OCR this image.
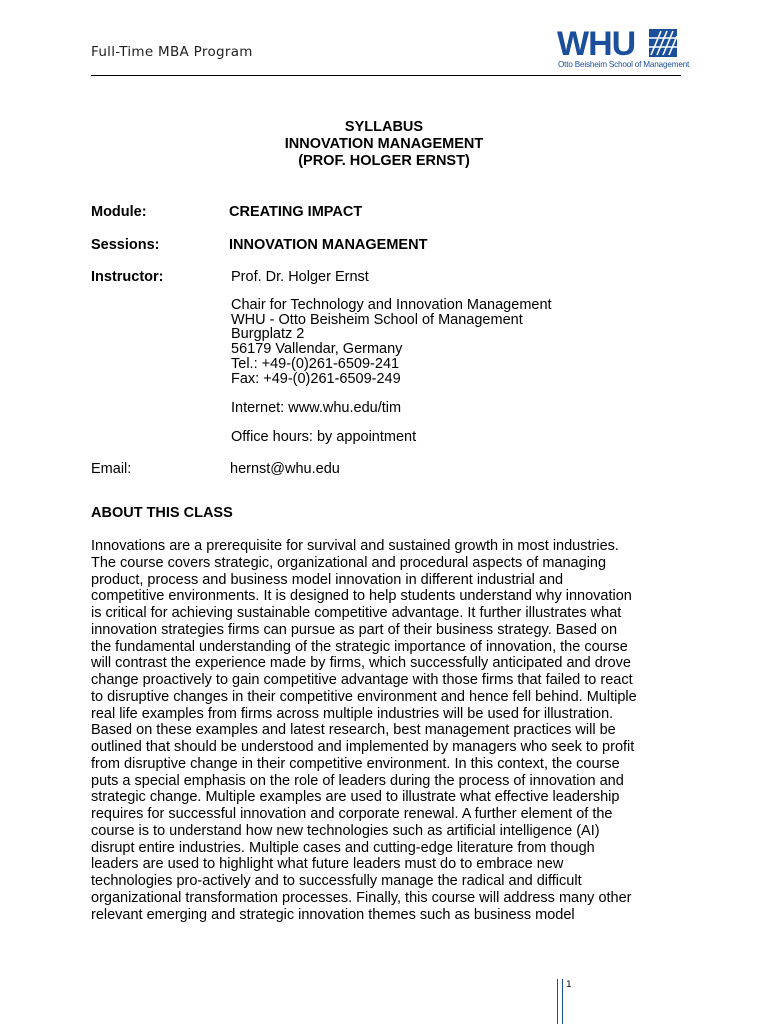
Full-Time MBA Program	WHU
Otto Beisheim School of Management
SYLLABUS
INNOVATION MANAGEMENT
(PROF. HOLGER ERNST)
Module:	CREATING IMPACT
Sessions:	INNOVATION MANAGEMENT
Instructor:	Prof. Dr. Holger Ernst
Chair for Technology and Innovation Management
WHU - Otto Beisheim School of Management
Burgplatz 2
56179 Vallendar, Germany
Tel.: +49-(0)261-6509-241
Fax: +49-(0)261-6509-249
Internet: www.whu.edu/tim
Office hours: by appointment
Email:	hernst@whu.edu
ABOUT THIS CLASS
Innovations are a prerequisite for survival and sustained growth in most industries.
The course covers strategic, organizational and procedural aspects of managing
product, process and business model innovation in different industrial and
competitive environments. It is designed to help students understand why innovation
is critical for achieving sustainable competitive advantage. It further illustrates what
innovation strategies firms can pursue as part of their business strategy. Based on
the fundamental understanding of the strategic importance of innovation, the course
will contrast the experience made by firms, which successfully anticipated and drove
change proactively to gain competitive advantage with those firms that failed to react
to disruptive changes in their competitive environment and hence fell behind. Multiple
real life examples from firms across multiple industries will be used for illustration.
Based on these examples and latest research, best management practices will be
outlined that should be understood and implemented by managers who seek to profit
from disruptive change in their competitive environment. In this context, the course
puts a special emphasis on the role of leaders during the process of innovation and
strategic change. Multiple examples are used to illustrate what effective leadership
requires for successful innovation and corporate renewal. A further element of the
course is to understand how new technologies such as artificial intelligence (AI)
disrupt entire industries. Multiple cases and cutting-edge literature from though
leaders are used to highlight what future leaders must do to embrace new
technologies pro-actively and to successfully manage the radical and difficult
organizational transformation processes. Finally, this course will address many other
relevant emerging and strategic innovation themes such as business model
1
